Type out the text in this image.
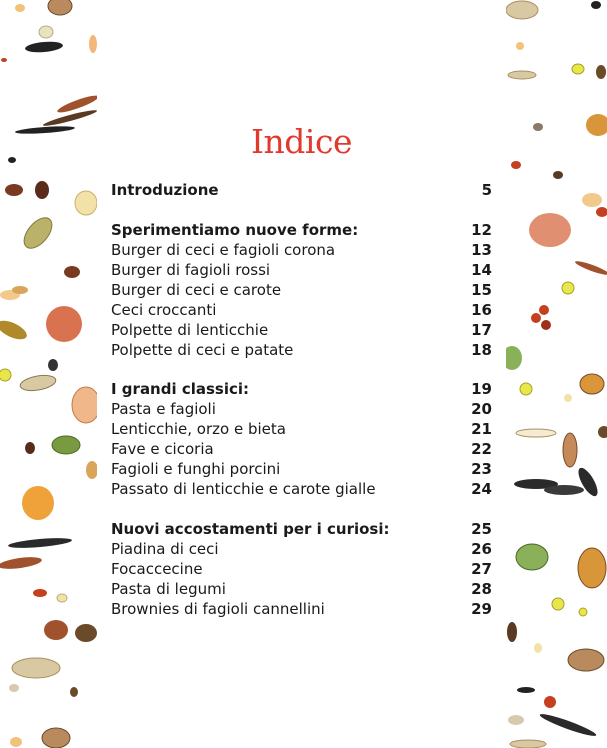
Indice
Introduzione	5
Sperimentiamo nuove forme:	12
Burger di ceci e fagioli corona	13
Burger di fagioli rossi	14
Burger di ceci e carote	15
Ceci croccanti	16
Polpette di lenticchie	17
Polpette di ceci e patate	18
I grandi classici:	19
Pasta e fagioli	20
Lenticchie, orzo e bieta	21
Fave e cicoria	22
Fagioli e funghi porcini	23
Passato di lenticchie e carote gialle	24
Nuovi accostamenti per i curiosi:	25
Piadina di ceci	26
Focaccecine	27
Pasta di legumi	28
Brownies di fagioli cannellini	29
